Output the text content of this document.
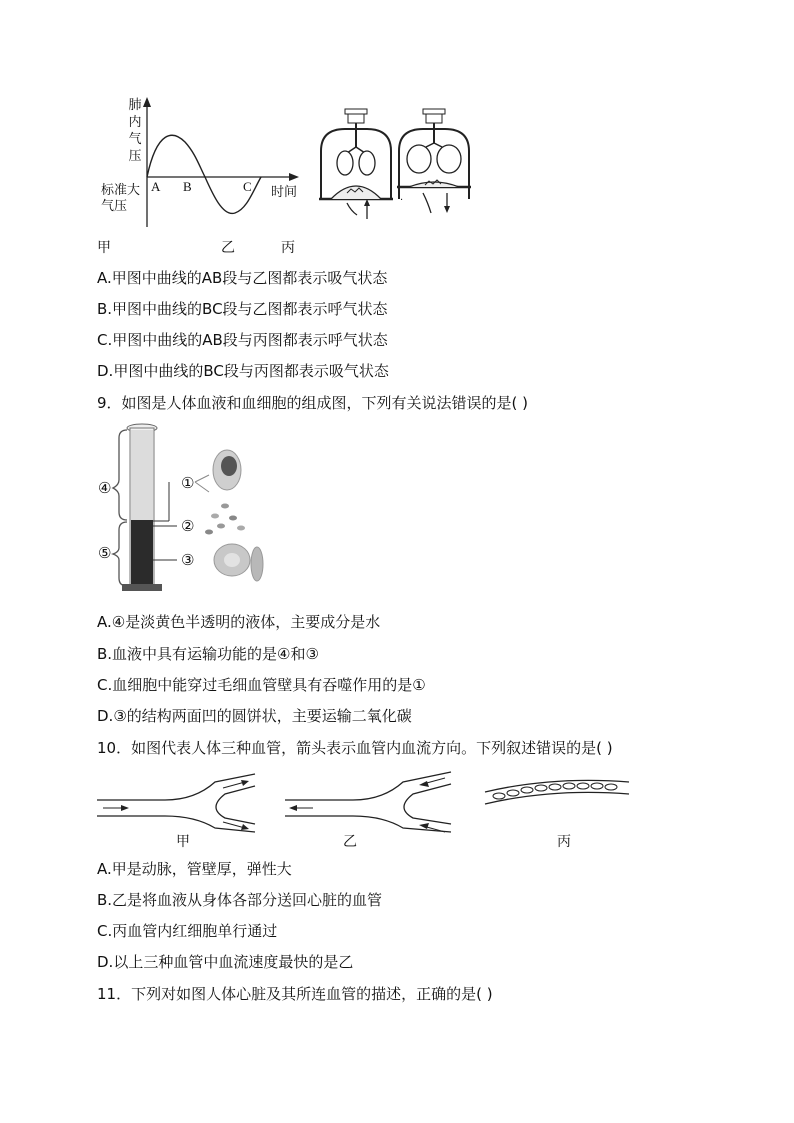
肺
内
气
压
标准大
气压
A B	C 时间	.
甲	乙	丙
A.甲图中曲线的AB段与乙图都表示吸气状态
B.甲图中曲线的BC段与乙图都表示呼气状态
C.甲图中曲线的AB段与丙图都表示呼气状态
D.甲图中曲线的BC段与丙图都表示吸气状态
9．如图是人体血液和血细胞的组成图，下列有关说法错误的是( )
④
⑤
①
②
③
A.④是淡黄色半透明的液体，主要成分是水
B.血液中具有运输功能的是④和③
C.血细胞中能穿过毛细血管壁具有吞噬作用的是①
D.③的结构两面凹的圆饼状，主要运输二氧化碳
10．如图代表人体三种血管，箭头表示血管内血流方向。下列叙述错误的是( )
甲	乙	丙
A.甲是动脉，管壁厚，弹性大
B.乙是将血液从身体各部分送回心脏的血管
C.丙血管内红细胞单行通过
D.以上三种血管中血流速度最快的是乙
11．下列对如图人体心脏及其所连血管的描述，正确的是( )
